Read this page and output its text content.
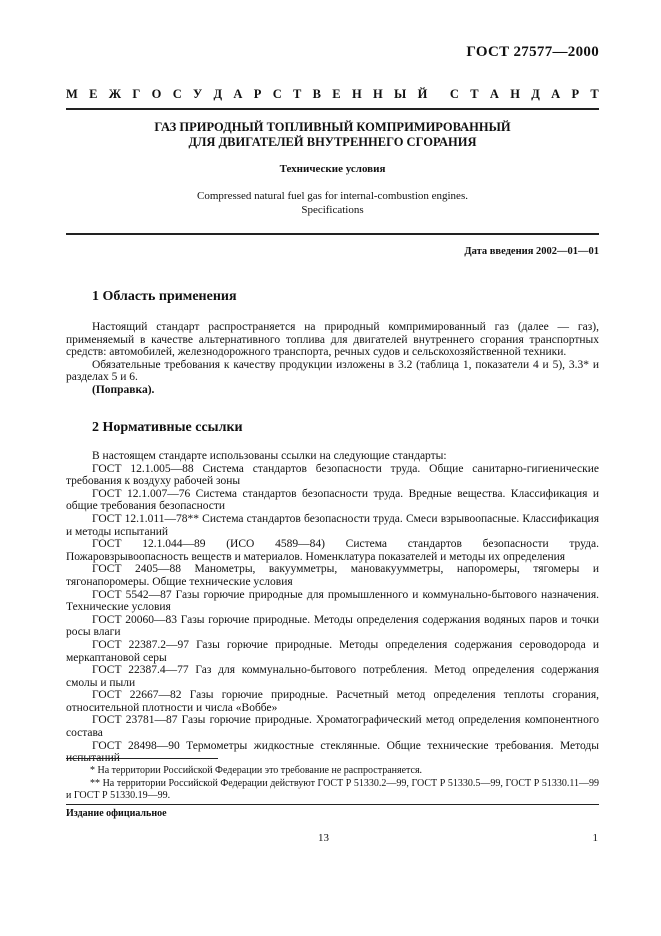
ГОСТ 27577—2000
М Е Ж Г О С У Д А Р С Т В Е Н Н Ы Й С Т А Н Д А Р Т
ГАЗ ПРИРОДНЫЙ ТОПЛИВНЫЙ КОМПРИМИРОВАННЫЙ
ДЛЯ ДВИГАТЕЛЕЙ ВНУТРЕННЕГО СГОРАНИЯ
Технические условия
Compressed natural fuel gas for internal-combustion engines.
Specifications
Дата введения 2002—01—01
1 Область применения

Настоящий стандарт распространяется на природный компримированный газ (далее — газ), применяемый в качестве альтернативного топлива для двигателей внутреннего сгорания транспортных средств: автомобилей, железнодорожного транспорта, речных судов и сельскохозяйственной техники.

Обязательные требования к качеству продукции изложены в 3.2 (таблица 1, показатели 4 и 5), 3.3* и разделах 5 и 6.

(Поправка).

2 Нормативные ссылки

В настоящем стандарте использованы ссылки на следующие стандарты:

ГОСТ 12.1.005—88 Система стандартов безопасности труда. Общие санитарно-гигиенические требования к воздуху рабочей зоны

ГОСТ 12.1.007—76 Система стандартов безопасности труда. Вредные вещества. Классификация и общие требования безопасности

ГОСТ 12.1.011—78** Система стандартов безопасности труда. Смеси взрывоопасные. Классификация и методы испытаний

ГОСТ 12.1.044—89 (ИСО 4589—84) Система стандартов безопасности труда. Пожаровзрывоопасность веществ и материалов. Номенклатура показателей и методы их определения

ГОСТ 2405—88 Манометры, вакуумметры, мановакуумметры, напоромеры, тягомеры и тягонапоромеры. Общие технические условия

ГОСТ 5542—87 Газы горючие природные для промышленного и коммунально-бытового назначения. Технические условия

ГОСТ 20060—83 Газы горючие природные. Методы определения содержания водяных паров и точки росы влаги

ГОСТ 22387.2—97 Газы горючие природные. Методы определения содержания сероводорода и меркаптановой серы

ГОСТ 22387.4—77 Газ для коммунально-бытового потребления. Метод определения содержания смолы и пыли

ГОСТ 22667—82 Газы горючие природные. Расчетный метод определения теплоты сгорания, относительной плотности и числа «Воббе»

ГОСТ 23781—87 Газы горючие природные. Хроматографический метод определения компонентного состава

ГОСТ 28498—90 Термометры жидкостные стеклянные. Общие технические требования. Методы испытаний

* На территории Российской Федерации это требование не распространяется.

** На территории Российской Федерации действуют ГОСТ Р 51330.2—99, ГОСТ Р 51330.5—99, ГОСТ Р 51330.11—99 и ГОСТ Р 51330.19—99.

Издание официальное
13	1
